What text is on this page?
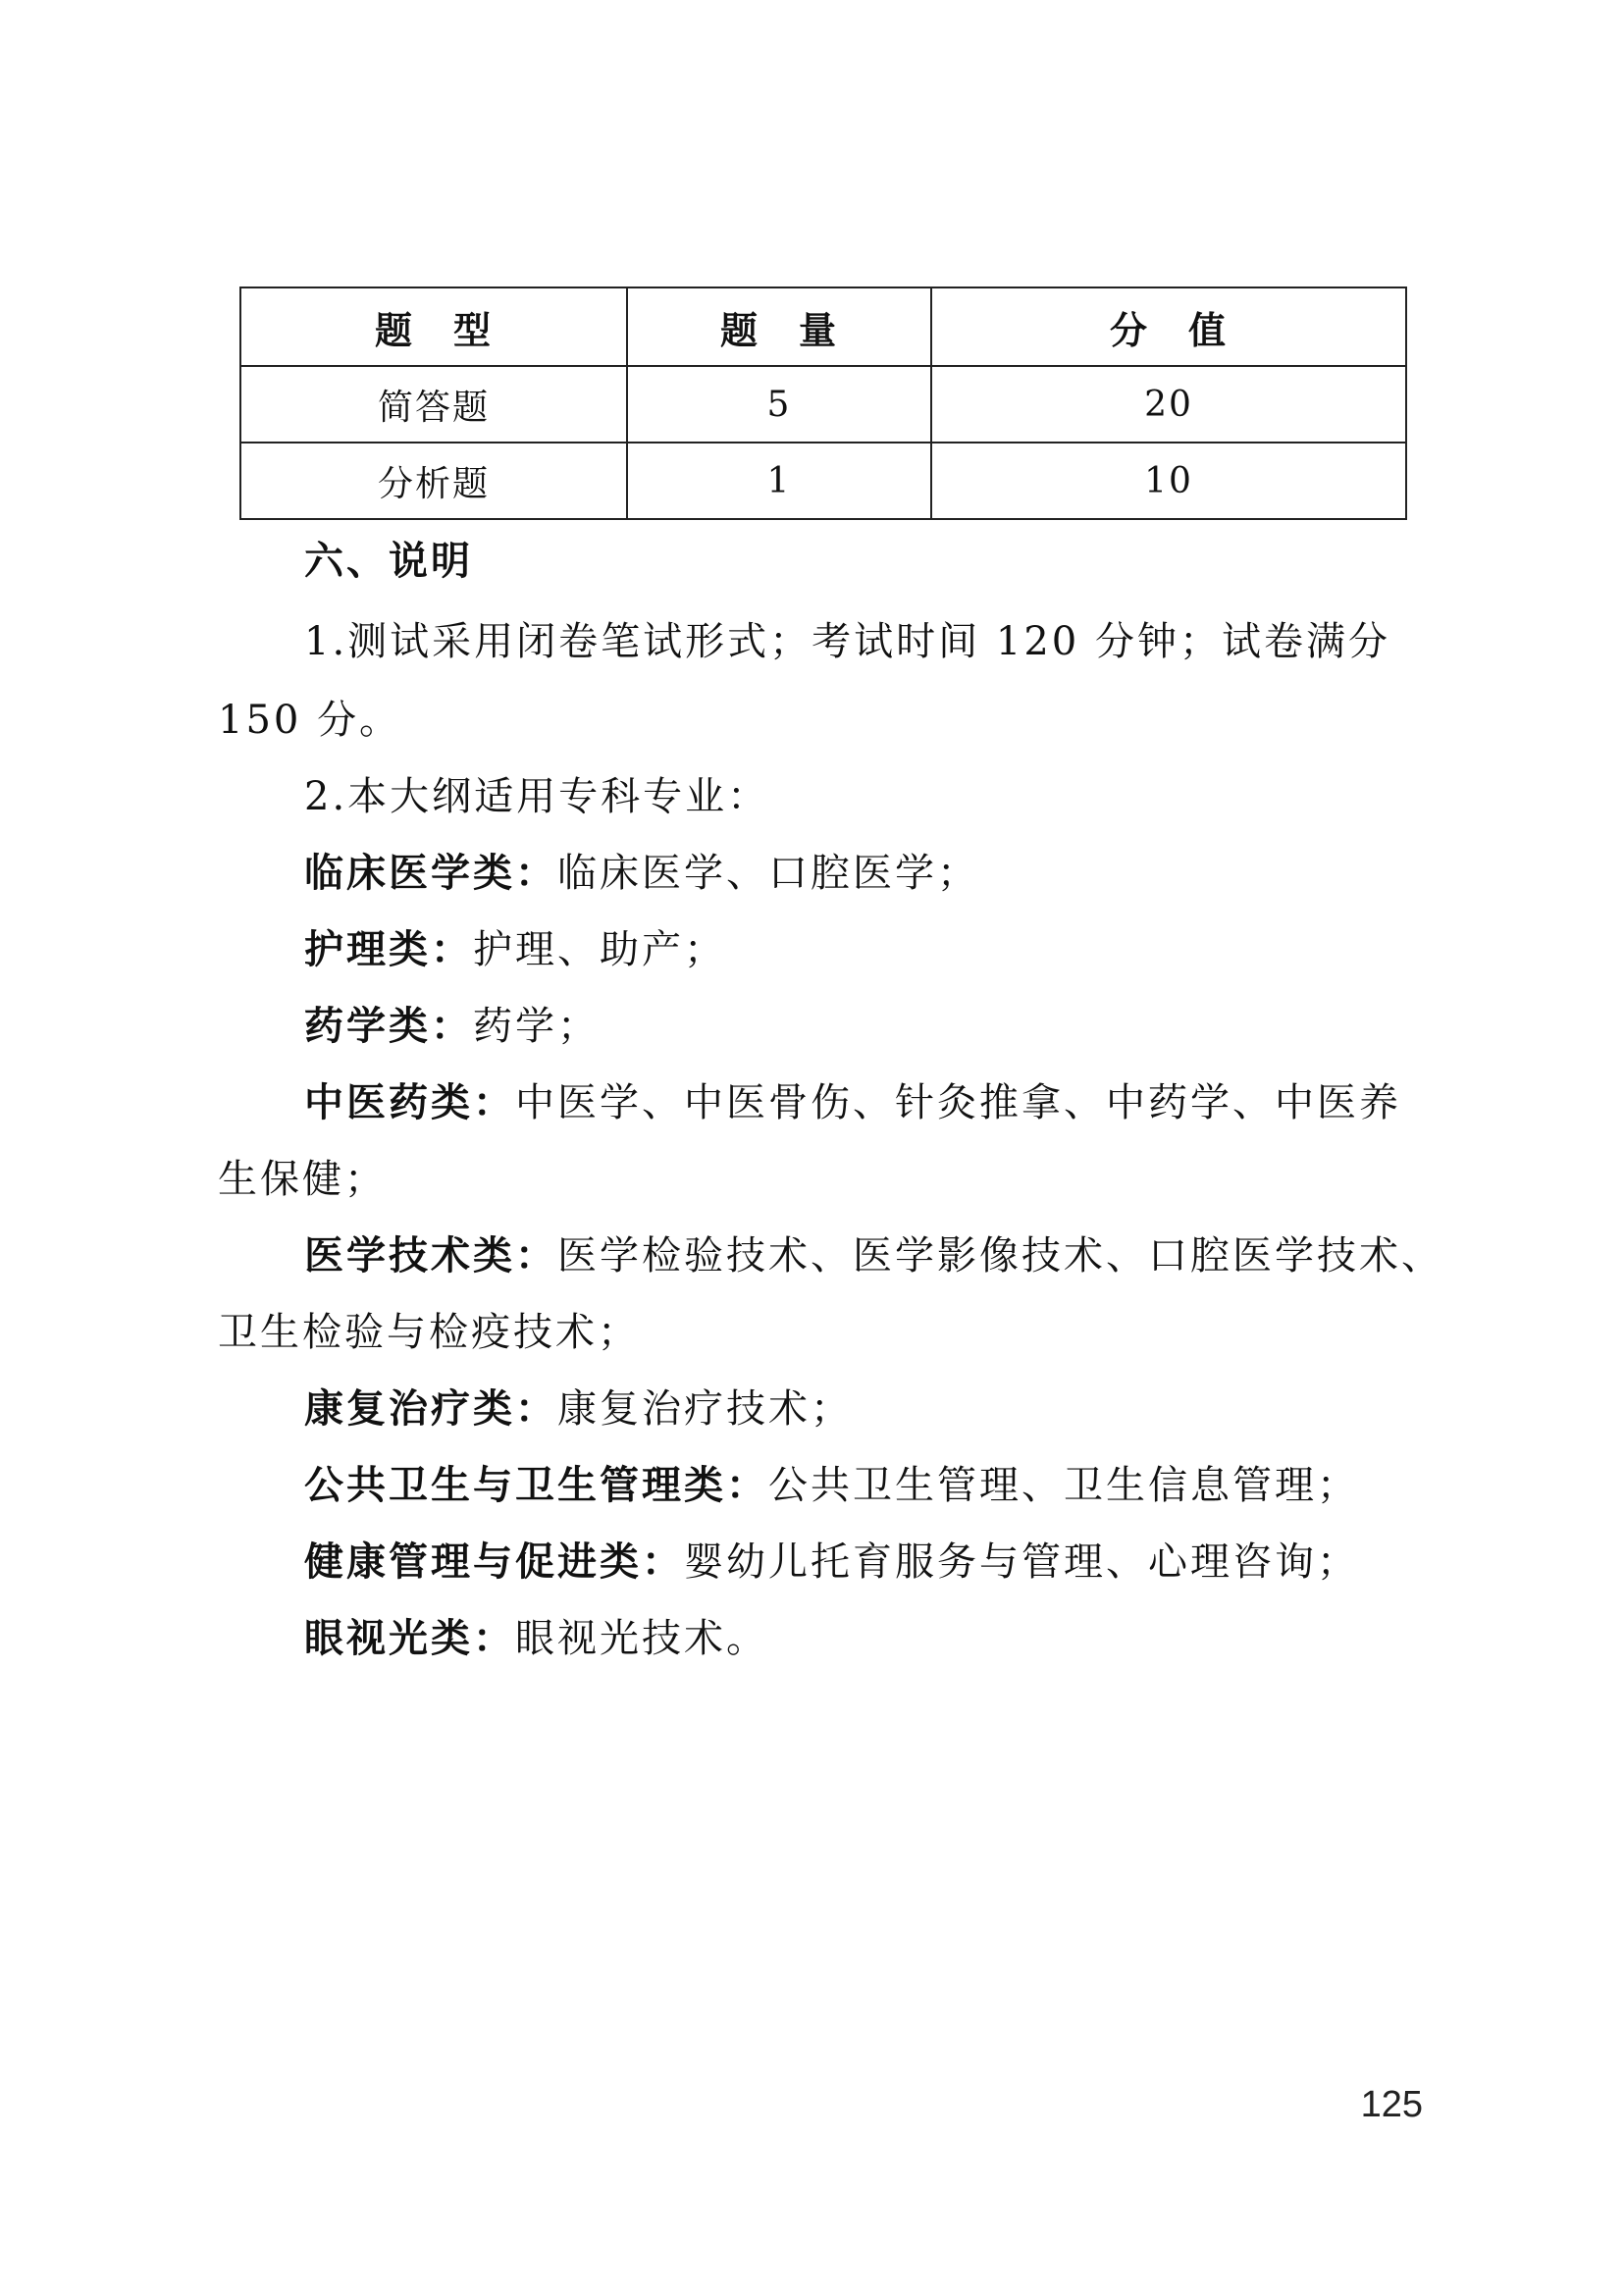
题　型	题　量	分　值
简答题	5	20
分析题	1	10
六、说明
1.测试采用闭卷笔试形式；考试时间 120 分钟；试卷满分
150 分。
2.本大纲适用专科专业：
临床医学类：临床医学、口腔医学；
护理类：护理、助产；
药学类：药学；
中医药类：中医学、中医骨伤、针灸推拿、中药学、中医养
生保健；
医学技术类：医学检验技术、医学影像技术、口腔医学技术、
卫生检验与检疫技术；
康复治疗类：康复治疗技术；
公共卫生与卫生管理类：公共卫生管理、卫生信息管理；
健康管理与促进类：婴幼儿托育服务与管理、心理咨询；
眼视光类：眼视光技术。
125
